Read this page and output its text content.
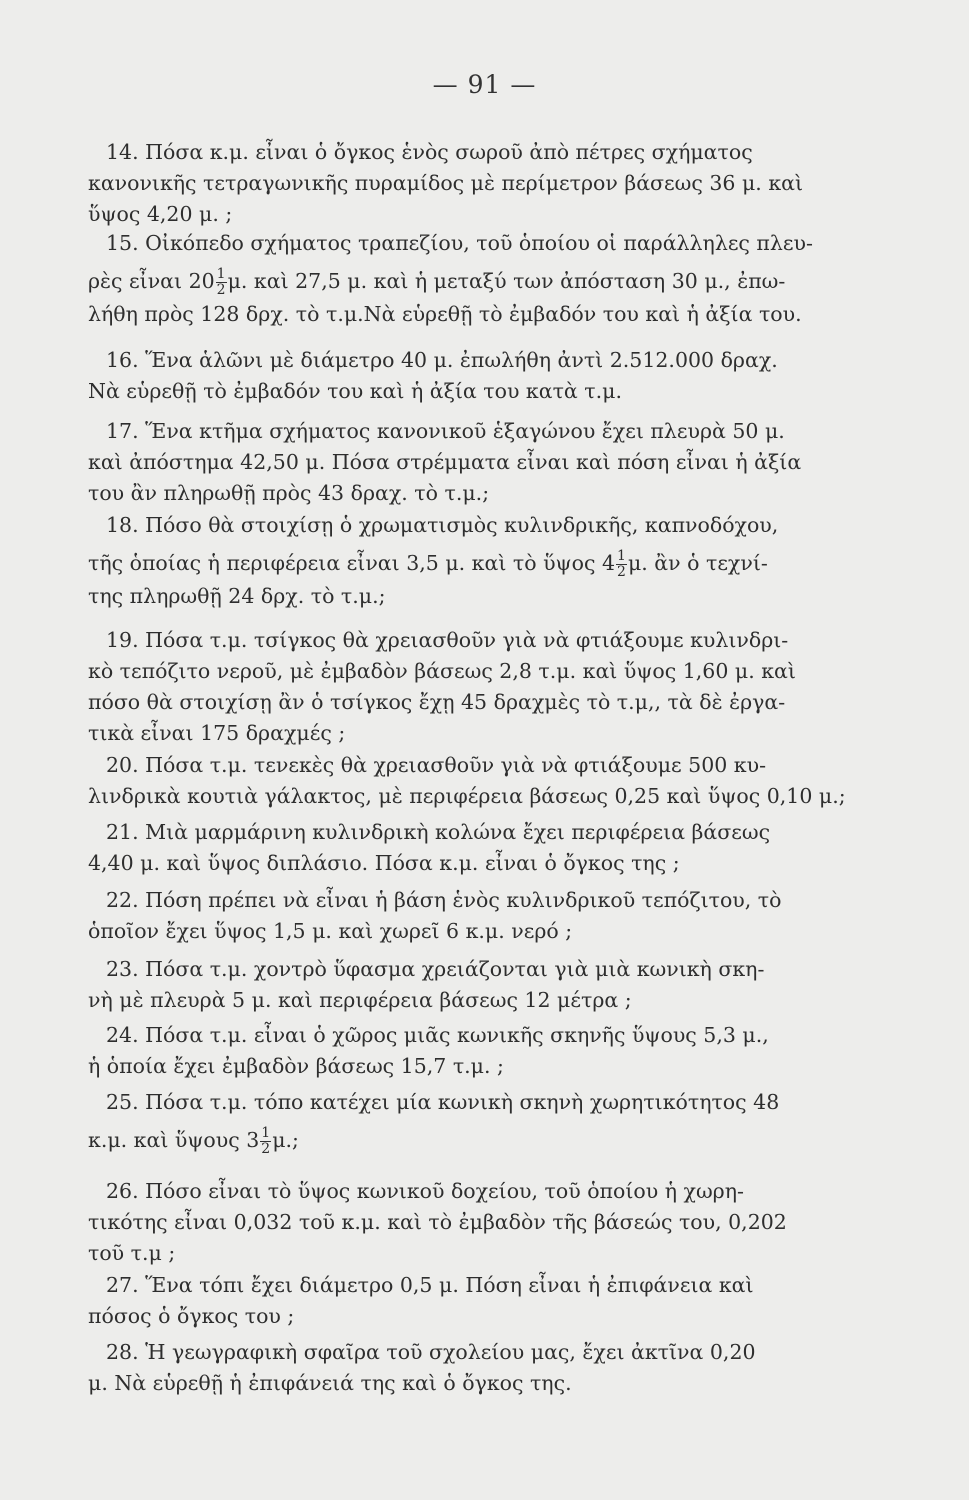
— 91 —
14. Πόσα κ.μ. εἶναι ὁ ὄγκος ἑνὸς σωροῦ ἀπὸ πέτρες σχήματος
κανονικῆς τετραγωνικῆς πυραμίδος μὲ περίμετρον βάσεως 36 μ. καὶ
ὕψος 4,20 μ. ;
15. Οἰκόπεδο σχήματος τραπεζίου, τοῦ ὁποίου οἱ παράλληλες πλευ-
ρὲς εἶναι $20 \frac{1}{2} \mu$. καὶ 27,5 μ. καὶ ἡ μεταξύ των ἀπόσταση 30 μ., ἐπω-
λήθη πρὸς 128 δρχ. τὸ τ.μ.Νὰ εὑρεθῇ τὸ ἐμβαδόν του καὶ ἡ ἀξία του.
16. Ἕνα ἁλῶνι μὲ διάμετρο 40 μ. ἐπωλήθη ἀντὶ 2.512.000 δραχ.
Νὰ εὑρεθῇ τὸ ἐμβαδόν του καὶ ἡ ἀξία του κατὰ τ.μ.
17. Ἕνα κτῆμα σχήματος κανονικοῦ ἑξαγώνου ἔχει πλευρὰ 50 μ.
καὶ ἀπόστημα 42,50 μ. Πόσα στρέμματα εἶναι καὶ πόση εἶναι ἡ ἀξία
του ἂν πληρωθῇ πρὸς 43 δραχ. τὸ τ.μ.;
18. Πόσο θὰ στοιχίσῃ ὁ χρωματισμὸς κυλινδρικῆς, καπνοδόχου,
τῆς ὁποίας ἡ περιφέρεια εἶναι 3,5 μ. καὶ τὸ ὕψος $4 \frac{1}{2} \mu$. ἂν ὁ τεχνί-
της πληρωθῇ 24 δρχ. τὸ τ.μ.;
19. Πόσα τ.μ. τσίγκος θὰ χρειασθοῦν γιὰ νὰ φτιάξουμε κυλινδρι-
κὸ τεπόζιτο νεροῦ, μὲ ἐμβαδὸν βάσεως 2,8 τ.μ. καὶ ὕψος 1,60 μ. καὶ
πόσο θὰ στοιχίσῃ ἂν ὁ τσίγκος ἔχῃ 45 δραχμὲς τὸ τ.μ,, τὰ δὲ ἐργα-
τικὰ εἶναι 175 δραχμές ;
20. Πόσα τ.μ. τενεκὲς θὰ χρειασθοῦν γιὰ νὰ φτιάξουμε 500 κυ-
λινδρικὰ κουτιὰ γάλακτος, μὲ περιφέρεια βάσεως 0,25 καὶ ὕψος 0,10 μ.;
21. Μιὰ μαρμάρινη κυλινδρικὴ κολώνα ἔχει περιφέρεια βάσεως
4,40 μ. καὶ ὕψος διπλάσιο. Πόσα κ.μ. εἶναι ὁ ὄγκος της ;
22. Πόση πρέπει νὰ εἶναι ἡ βάση ἑνὸς κυλινδρικοῦ τεπόζιτου, τὸ
ὁποῖον ἔχει ὕψος 1,5 μ. καὶ χωρεῖ 6 κ.μ. νερό ;
23. Πόσα τ.μ. χοντρὸ ὕφασμα χρειάζονται γιὰ μιὰ κωνικὴ σκη-
νὴ μὲ πλευρὰ 5 μ. καὶ περιφέρεια βάσεως 12 μέτρα ;
24. Πόσα τ.μ. εἶναι ὁ χῶρος μιᾶς κωνικῆς σκηνῆς ὕψους 5,3 μ.,
ἡ ὁποία ἔχει ἐμβαδὸν βάσεως 15,7 τ.μ. ;
25. Πόσα τ.μ. τόπο κατέχει μία κωνικὴ σκηνὴ χωρητικότητος 48
κ.μ. καὶ ὕψους $3 \frac{1}{2} \mu$.;
26. Πόσο εἶναι τὸ ὕψος κωνικοῦ δοχείου, τοῦ ὁποίου ἡ χωρη-
τικότης εἶναι 0,032 τοῦ κ.μ. καὶ τὸ ἐμβαδὸν τῆς βάσεώς του, 0,202
τοῦ τ.μ ;
27. Ἕνα τόπι ἔχει διάμετρο 0,5 μ. Πόση εἶναι ἡ ἐπιφάνεια καὶ
πόσος ὁ ὄγκος του ;
28. Ἡ γεωγραφικὴ σφαῖρα τοῦ σχολείου μας, ἔχει ἀκτῖνα 0,20
μ. Νὰ εὑρεθῇ ἡ ἐπιφάνειά της καὶ ὁ ὄγκος της.
